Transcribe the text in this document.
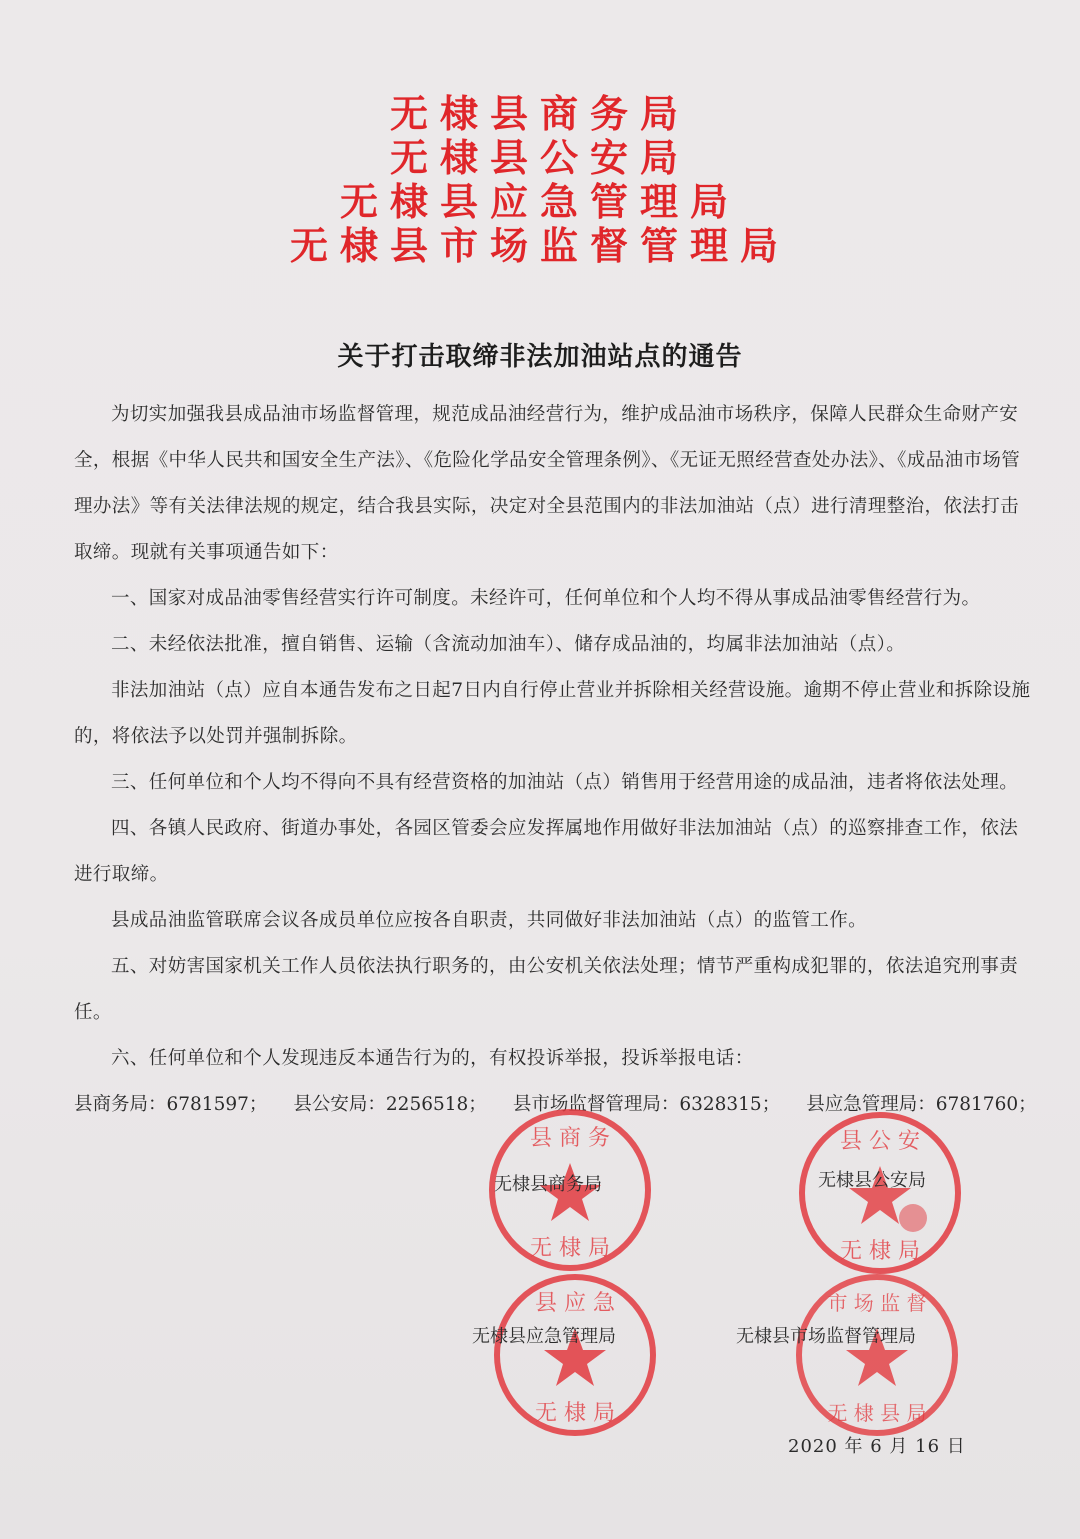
无棣县商务局
无棣县公安局
无棣县应急管理局
无棣县市场监督管理局
关于打击取缔非法加油站点的通告

为切实加强我县成品油市场监督管理，规范成品油经营行为，维护成品油市场秩序，保障人民群众生命财产安全，根据《中华人民共和国安全生产法》、《危险化学品安全管理条例》、《无证无照经营查处办法》、《成品油市场管理办法》等有关法律法规的规定，结合我县实际，决定对全县范围内的非法加油站（点）进行清理整治，依法打击取缔。现就有关事项通告如下：

一、国家对成品油零售经营实行许可制度。未经许可，任何单位和个人均不得从事成品油零售经营行为。

二、未经依法批准，擅自销售、运输（含流动加油车）、储存成品油的，均属非法加油站（点）。

非法加油站（点）应自本通告发布之日起7日内自行停止营业并拆除相关经营设施。逾期不停止营业和拆除设施的，将依法予以处罚并强制拆除。

三、任何单位和个人均不得向不具有经营资格的加油站（点）销售用于经营用途的成品油，违者将依法处理。

四、各镇人民政府、街道办事处，各园区管委会应发挥属地作用做好非法加油站（点）的巡察排查工作，依法进行取缔。

县成品油监管联席会议各成员单位应按各自职责，共同做好非法加油站（点）的监管工作。

五、对妨害国家机关工作人员依法执行职务的，由公安机关依法处理；情节严重构成犯罪的，依法追究刑事责任。

六、任何单位和个人发现违反本通告行为的，有权投诉举报，投诉举报电话：

县商务局：6781597； 县公安局：2256518； 县市场监督管理局：6328315； 县应急管理局：6781760；

县 商 务
无 棣 局
县 公 安
无 棣 局
县 应 急
无 棣 局
市 场 监 督
无 棣 县 局
无棣县商务局	无棣县公安局
无棣县应急管理局	无棣县市场监督管理局
2020 年 6 月 16 日
